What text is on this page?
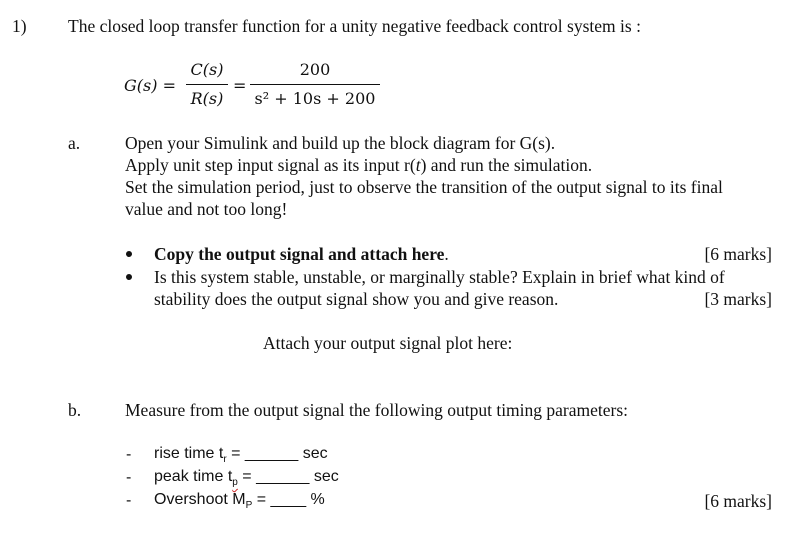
1) The closed loop transfer function for a unity negative feedback control system is :
G(s) =
C(s)
R(s)
=
200
s² + 10s + 200
a.	Open your Simulink and build up the block diagram for G(s).
Apply unit step input signal as its input r(t) and run the simulation.
Set the simulation period, just to observe the transition of the output signal to its final
value and not too long!
Copy the output signal and attach here.	[6 marks]
Is this system stable, unstable, or marginally stable? Explain in brief what kind of
stability does the output signal show you and give reason.	[3 marks]
Attach your output signal plot here:
b.	Measure from the output signal the following output timing parameters:
- rise time $t_r$ = ______ sec
- peak time $t_p$ = ______ sec
- Overshoot $M_P$ = ____ %	[6 marks]
